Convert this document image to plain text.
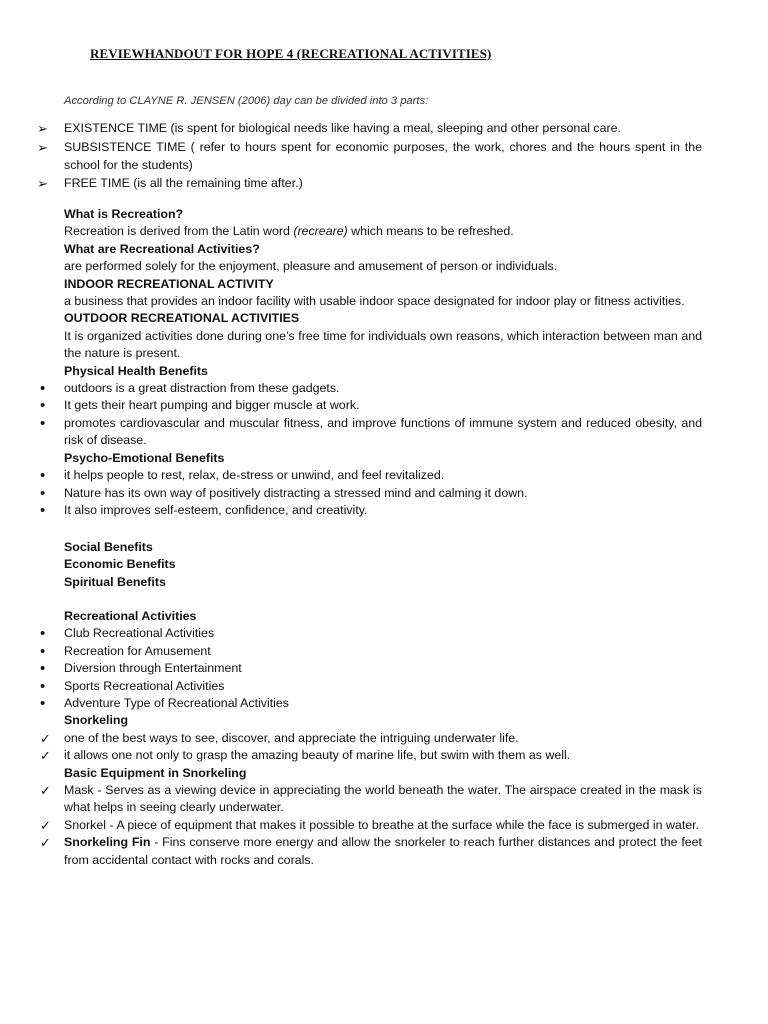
REVIEWHANDOUT FOR HOPE 4 (RECREATIONAL ACTIVITIES)
According to CLAYNE R. JENSEN (2006) day can be divided into 3 parts:
➢	EXISTENCE TIME (is spent for biological needs like having a meal, sleeping and other personal care.
➢	SUBSISTENCE TIME ( refer to hours spent for economic purposes, the work, chores and the hours spent in the school for the students)
➢	FREE TIME (is all the remaining time after.)
What is Recreation?
Recreation is derived from the Latin word (recreare) which means to be refreshed.
What are Recreational Activities?
are performed solely for the enjoyment, pleasure and amusement of person or individuals.
INDOOR RECREATIONAL ACTIVITY
a business that provides an indoor facility with usable indoor space designated for indoor play or fitness activities.
OUTDOOR RECREATIONAL ACTIVITIES
It is organized activities done during one’s free time for individuals own reasons, which interaction between man and the nature is present.
Physical Health Benefits
•	outdoors is a great distraction from these gadgets.
•	It gets their heart pumping and bigger muscle at work.
•	promotes cardiovascular and muscular fitness, and improve functions of immune system and reduced obesity, and risk of disease.
Psycho-Emotional Benefits
•	it helps people to rest, relax, de-stress or unwind, and feel revitalized.
•	Nature has its own way of positively distracting a stressed mind and calming it down.
•	It also improves self-esteem, confidence, and creativity.
Social Benefits
Economic Benefits
Spiritual Benefits
Recreational Activities
•	Club Recreational Activities
•	Recreation for Amusement
•	Diversion through Entertainment
•	Sports Recreational Activities
•	Adventure Type of Recreational Activities
Snorkeling
✓	one of the best ways to see, discover, and appreciate the intriguing underwater life.
✓	it allows one not only to grasp the amazing beauty of marine life, but swim with them as well.
Basic Equipment in Snorkeling
✓	Mask - Serves as a viewing device in appreciating the world beneath the water. The airspace created in the mask is what helps in seeing clearly underwater.
✓	Snorkel - A piece of equipment that makes it possible to breathe at the surface while the face is submerged in water.
✓	Snorkeling Fin - Fins conserve more energy and allow the snorkeler to reach further distances and protect the feet from accidental contact with rocks and corals.
